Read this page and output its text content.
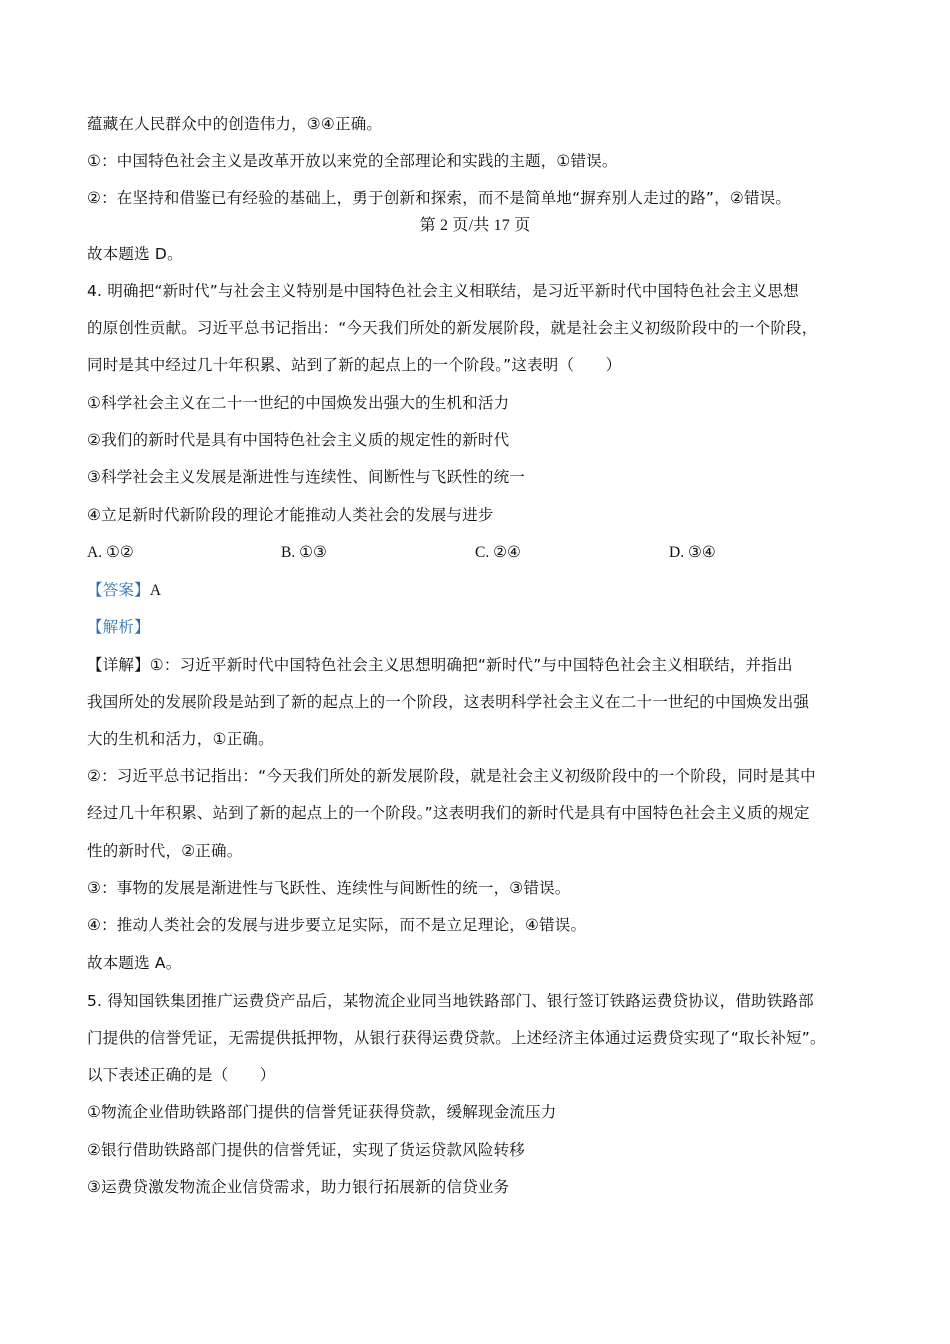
蕴藏在人民群众中的创造伟力，③④正确。
①：中国特色社会主义是改革开放以来党的全部理论和实践的主题，①错误。
②：在坚持和借鉴已有经验的基础上，勇于创新和探索，而不是简单地“摒弃别人走过的路”，②错误。
第 2 页/共 17 页
故本题选 D。
4. 明确把“新时代”与社会主义特别是中国特色社会主义相联结，是习近平新时代中国特色社会主义思想
的原创性贡献。习近平总书记指出：“今天我们所处的新发展阶段，就是社会主义初级阶段中的一个阶段，
同时是其中经过几十年积累、站到了新的起点上的一个阶段。”这表明（　　）
①科学社会主义在二十一世纪的中国焕发出强大的生机和活力
②我们的新时代是具有中国特色社会主义质的规定性的新时代
③科学社会主义发展是渐进性与连续性、间断性与飞跃性的统一
④立足新时代新阶段的理论才能推动人类社会的发展与进步
A. ①②	B. ①③	C. ②④	D. ③④
【答案】A
【解析】
【详解】①：习近平新时代中国特色社会主义思想明确把“新时代”与中国特色社会主义相联结，并指出
我国所处的发展阶段是站到了新的起点上的一个阶段，这表明科学社会主义在二十一世纪的中国焕发出强
大的生机和活力，①正确。
②：习近平总书记指出：“今天我们所处的新发展阶段，就是社会主义初级阶段中的一个阶段，同时是其中
经过几十年积累、站到了新的起点上的一个阶段。”这表明我们的新时代是具有中国特色社会主义质的规定
性的新时代，②正确。
③：事物的发展是渐进性与飞跃性、连续性与间断性的统一，③错误。
④：推动人类社会的发展与进步要立足实际，而不是立足理论，④错误。
故本题选 A。
5. 得知国铁集团推广运费贷产品后，某物流企业同当地铁路部门、银行签订铁路运费贷协议，借助铁路部
门提供的信誉凭证，无需提供抵押物，从银行获得运费贷款。上述经济主体通过运费贷实现了“取长补短”。
以下表述正确的是（　　）
①物流企业借助铁路部门提供的信誉凭证获得贷款，缓解现金流压力
②银行借助铁路部门提供的信誉凭证，实现了货运贷款风险转移
③运费贷激发物流企业信贷需求，助力银行拓展新的信贷业务
